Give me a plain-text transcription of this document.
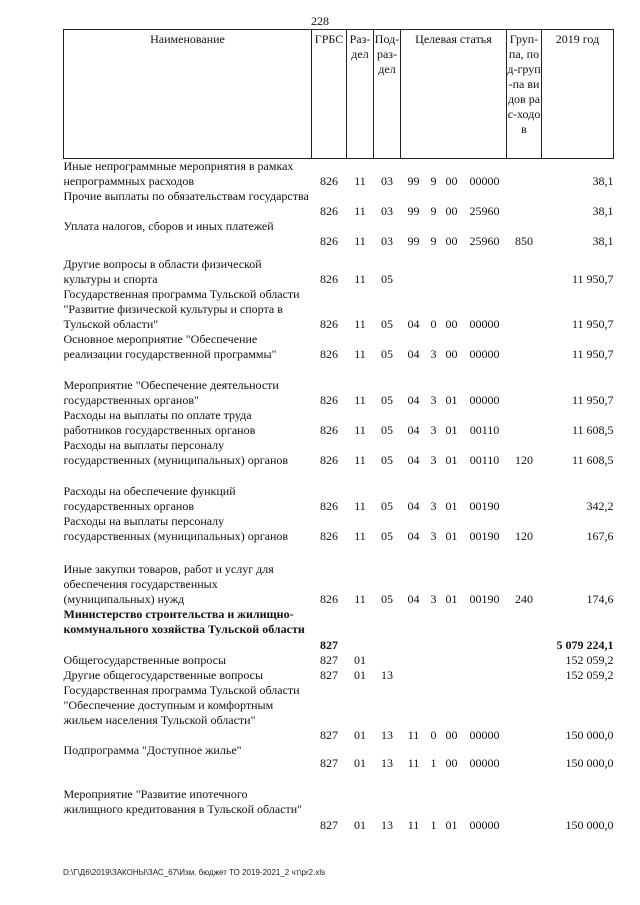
228
Наименование	ГРБС	Раз-дел	Под-раз-дел	Целевая статья				Груп-па, под-груп-па видов рас-ходов	2019 год
Иные непрограммные мероприятия в рамках непрограммных расходов	826	11	03	99	9	00	00000		38,1
Прочие выплаты по обязательствам государства	826	11	03	99	9	00	25960		38,1
Уплата налогов, сборов и иных платежей	826	11	03	99	9	00	25960	850	38,1

Другие вопросы в области физической культуры и спорта	826	11	05						11 950,7
Государственная программа Тульской области "Развитие физической культуры и спорта в Тульской области"	826	11	05	04	0	00	00000		11 950,7
Основное мероприятие "Обеспечение реализации государственной программы"	826	11	05	04	3	00	00000		11 950,7

Мероприятие "Обеспечение деятельности государственных органов"	826	11	05	04	3	01	00000		11 950,7
Расходы на выплаты по оплате труда работников государственных органов	826	11	05	04	3	01	00110		11 608,5
Расходы на выплаты персоналу государственных (муниципальных) органов	826	11	05	04	3	01	00110	120	11 608,5

Расходы на обеспечение функций государственных органов	826	11	05	04	3	01	00190		342,2
Расходы на выплаты персоналу государственных (муниципальных) органов	826	11	05	04	3	01	00190	120	167,6

Иные закупки товаров, работ и услуг для обеспечения государственных (муниципальных) нужд	826	11	05	04	3	01	00190	240	174,6
Министерство строительства и жилищно-коммунального хозяйства Тульской области	827								5 079 224,1
Общегосударственные вопросы	827	01							152 059,2
Другие общегосударственные вопросы	827	01	13						152 059,2
Государственная программа Тульской области "Обеспечение доступным и комфортным жильем населения Тульской области"	827	01	13	11	0	00	00000		150 000,0
Подпрограмма "Доступное жилье"	827	01	13	11	1	00	00000		150 000,0

Мероприятие "Развитие ипотечного жилищного кредитования в Тульской области"	827	01	13	11	1	01	00000		150 000,0
D:\Г\Д6\2019\ЗАКОНЫ\ЗАС_67\Изм. бюджет ТО 2019-2021_2 чт\pr2.xls
